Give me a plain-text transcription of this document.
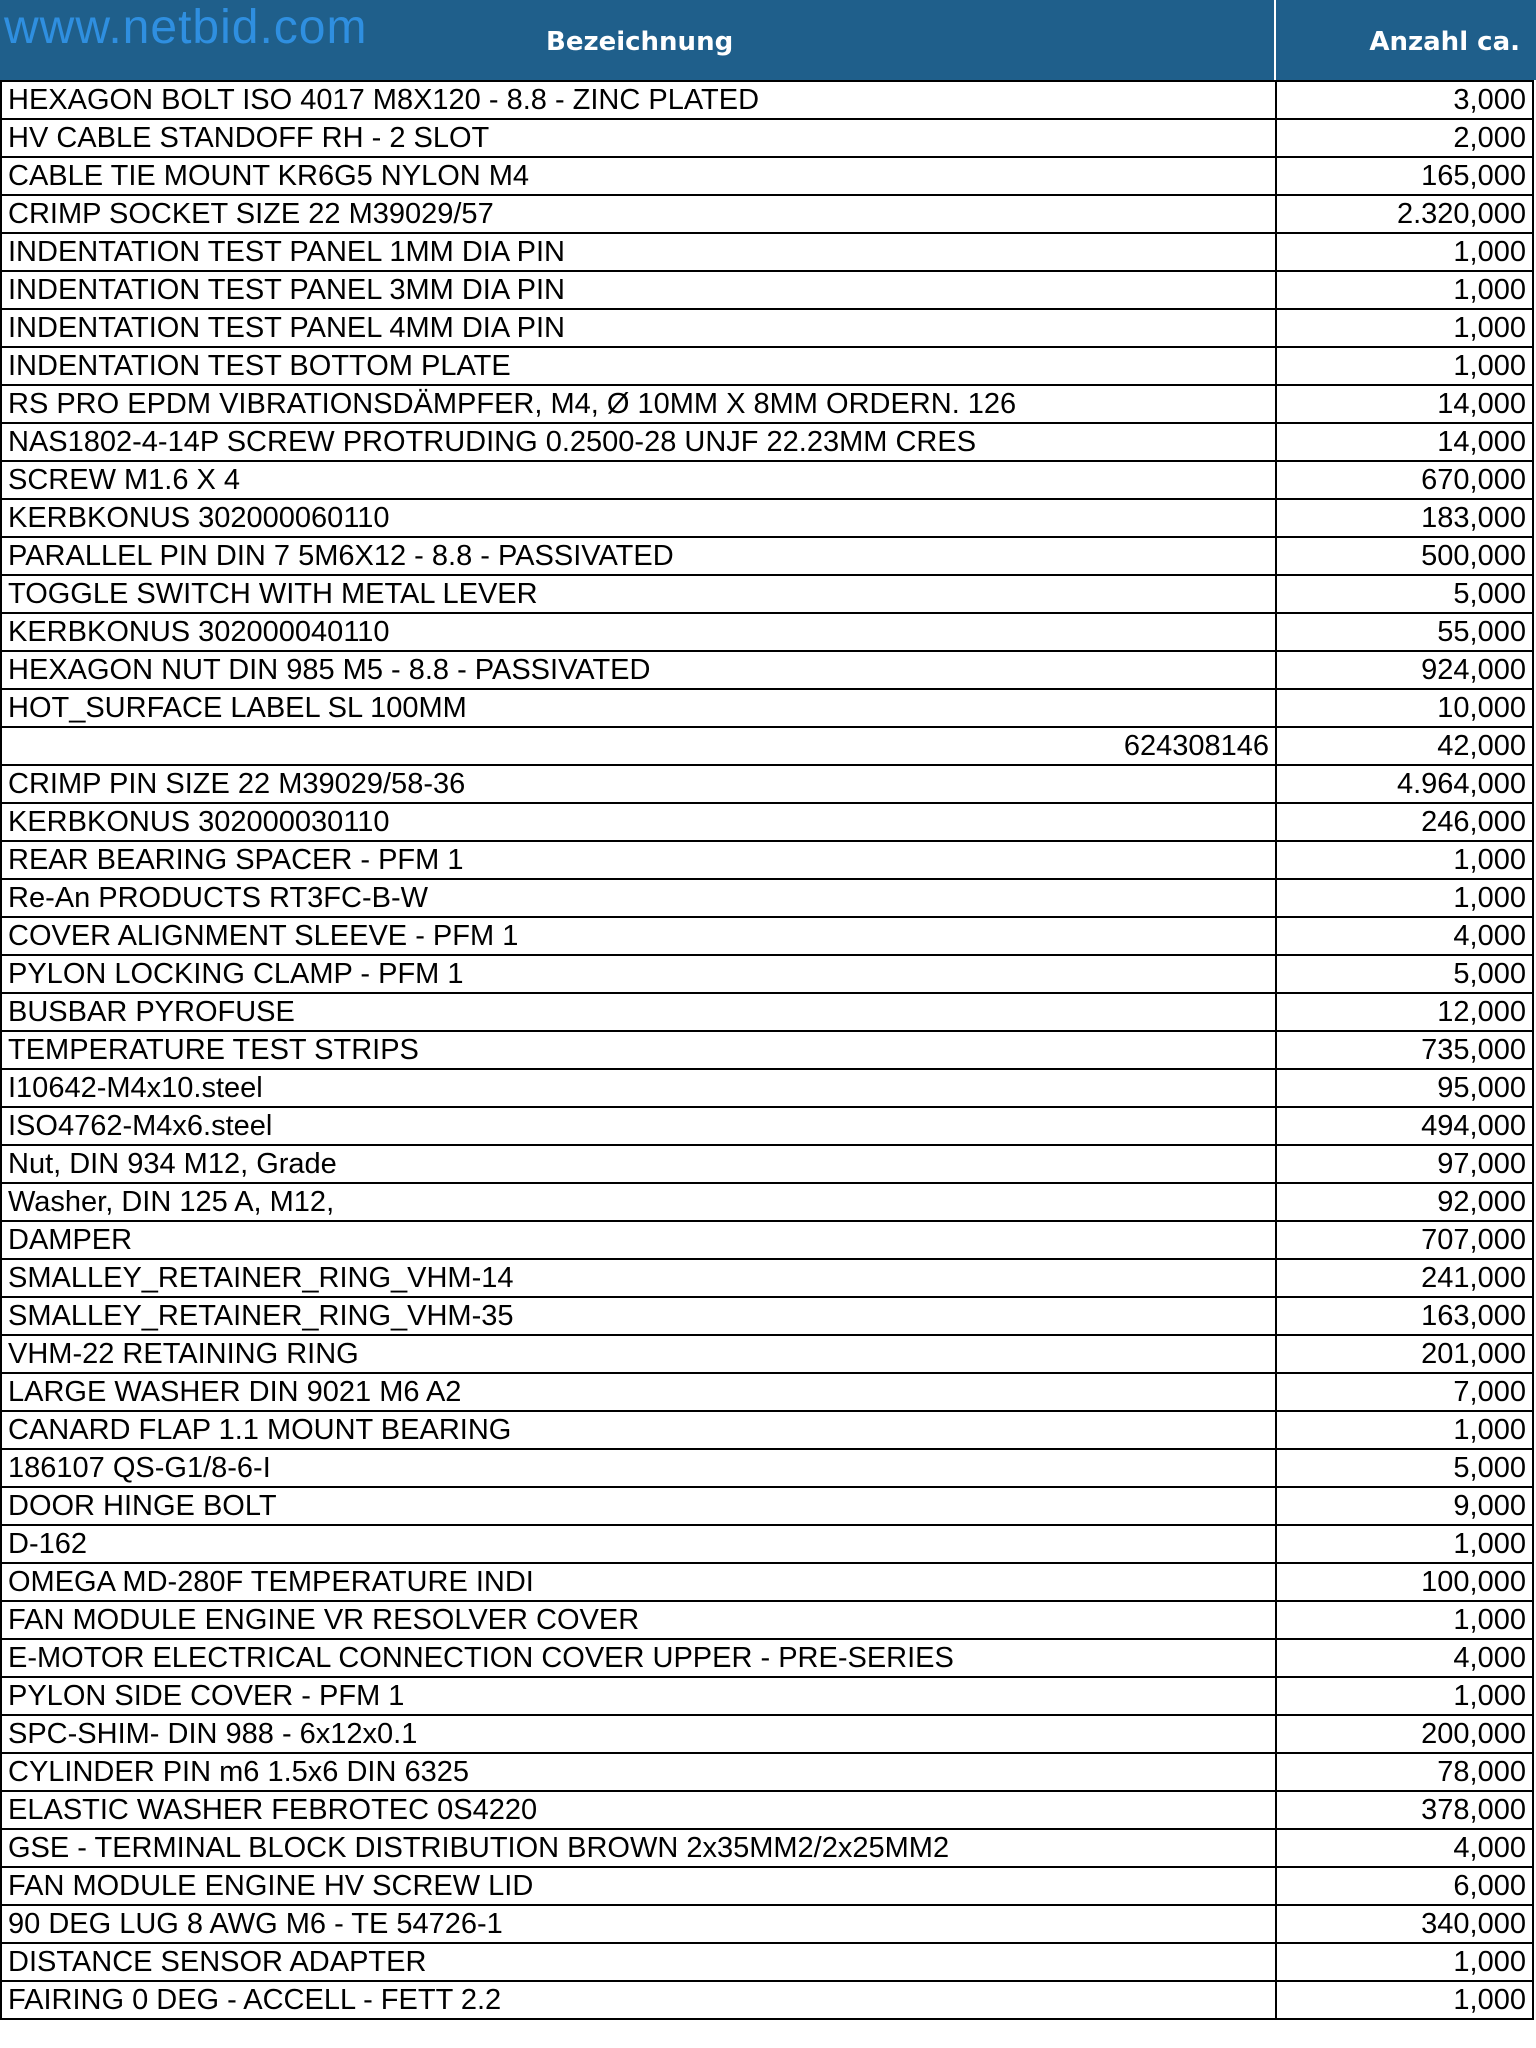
www.netbid.com	Bezeichnung	Anzahl ca.
HEXAGON BOLT ISO 4017 M8X120 - 8.8 - ZINC PLATED	3,000
HV CABLE STANDOFF RH - 2 SLOT	2,000
CABLE TIE MOUNT KR6G5 NYLON M4	165,000
CRIMP SOCKET SIZE 22 M39029/57	2.320,000
INDENTATION TEST PANEL 1MM DIA PIN	1,000
INDENTATION TEST PANEL 3MM DIA PIN	1,000
INDENTATION TEST PANEL 4MM DIA PIN	1,000
INDENTATION TEST BOTTOM PLATE	1,000
RS PRO EPDM VIBRATIONSDÄMPFER, M4, Ø 10MM X 8MM ORDERN. 126	14,000
NAS1802-4-14P SCREW PROTRUDING 0.2500-28 UNJF 22.23MM CRES	14,000
SCREW M1.6 X 4	670,000
KERBKONUS 302000060110	183,000
PARALLEL PIN DIN 7 5M6X12 - 8.8 - PASSIVATED	500,000
TOGGLE SWITCH WITH METAL LEVER	5,000
KERBKONUS 302000040110	55,000
HEXAGON NUT DIN 985 M5 - 8.8 - PASSIVATED	924,000
HOT_SURFACE LABEL SL 100MM	10,000
624308146	42,000
CRIMP PIN SIZE 22 M39029/58-36	4.964,000
KERBKONUS 302000030110	246,000
REAR BEARING SPACER - PFM 1	1,000
Re-An PRODUCTS RT3FC-B-W	1,000
COVER ALIGNMENT SLEEVE - PFM 1	4,000
PYLON LOCKING CLAMP - PFM 1	5,000
BUSBAR PYROFUSE	12,000
TEMPERATURE TEST STRIPS	735,000
I10642-M4x10.steel	95,000
ISO4762-M4x6.steel	494,000
Nut, DIN 934 M12, Grade	97,000
Washer, DIN 125 A, M12,	92,000
DAMPER	707,000
SMALLEY_RETAINER_RING_VHM-14	241,000
SMALLEY_RETAINER_RING_VHM-35	163,000
VHM-22 RETAINING RING	201,000
LARGE WASHER DIN 9021 M6 A2	7,000
CANARD FLAP 1.1 MOUNT BEARING	1,000
186107 QS-G1/8-6-I	5,000
DOOR HINGE BOLT	9,000
D-162	1,000
OMEGA MD-280F TEMPERATURE INDI	100,000
FAN MODULE ENGINE VR RESOLVER COVER	1,000
E-MOTOR ELECTRICAL CONNECTION COVER UPPER - PRE-SERIES	4,000
PYLON SIDE COVER - PFM 1	1,000
SPC-SHIM- DIN 988 - 6x12x0.1	200,000
CYLINDER PIN m6 1.5x6 DIN 6325	78,000
ELASTIC WASHER FEBROTEC 0S4220	378,000
GSE - TERMINAL BLOCK DISTRIBUTION BROWN 2x35MM2/2x25MM2	4,000
FAN MODULE ENGINE HV SCREW LID	6,000
90 DEG LUG 8 AWG M6 - TE 54726-1	340,000
DISTANCE SENSOR ADAPTER	1,000
FAIRING 0 DEG - ACCELL - FETT 2.2	1,000
